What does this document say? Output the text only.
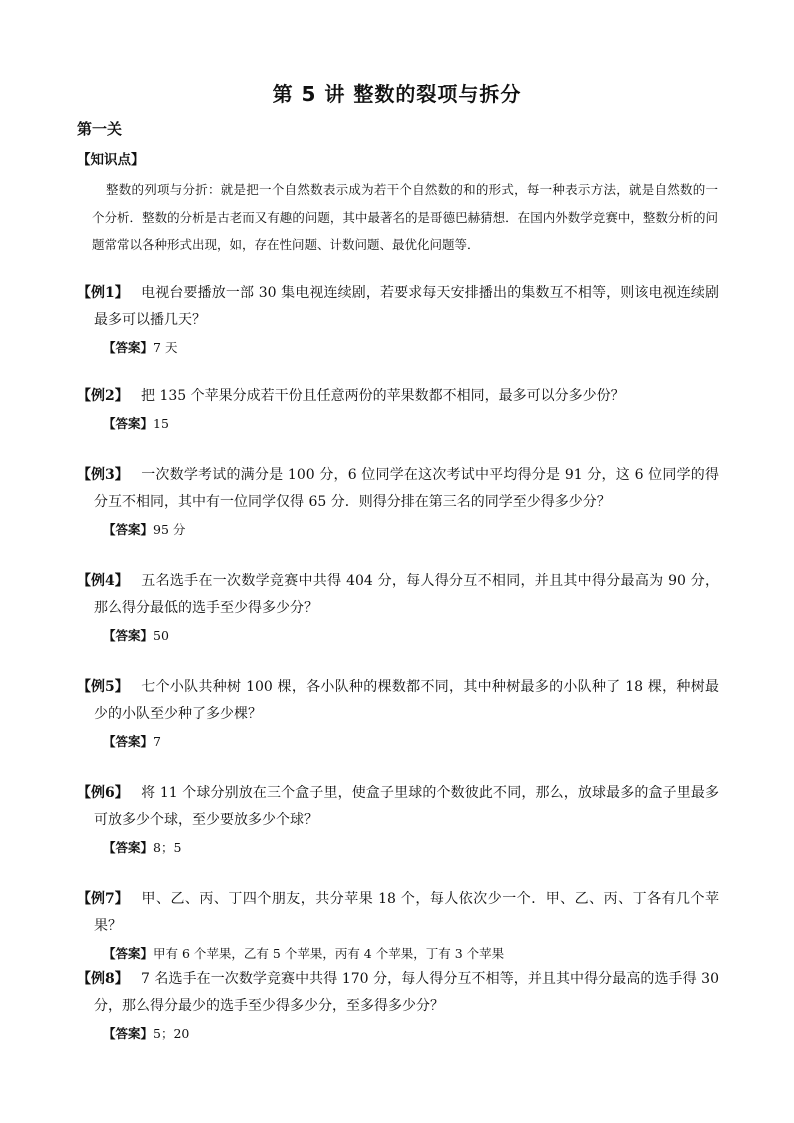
第 5 讲 整数的裂项与拆分
第一关
【知识点】

整数的列项与分折：就是把一个自然数表示成为若干个自然数的和的形式，每一种表示方法，就是自然数的一个分析．整数的分析是古老而又有趣的问题，其中最著名的是哥德巴赫猜想．在国内外数学竞赛中，整数分析的问题常常以各种形式出现，如，存在性问题、计数问题、最优化问题等．

【例1】 电视台要播放一部 30 集电视连续剧，若要求每天安排播出的集数互不相等，则该电视连续剧最多可以播几天？

【答案】7 天

【例2】 把 135 个苹果分成若干份且任意两份的苹果数都不相同，最多可以分多少份？

【答案】15

【例3】 一次数学考试的满分是 100 分，6 位同学在这次考试中平均得分是 91 分，这 6 位同学的得分互不相同，其中有一位同学仅得 65 分．则得分排在第三名的同学至少得多少分？

【答案】95 分

【例4】 五名选手在一次数学竞赛中共得 404 分，每人得分互不相同，并且其中得分最高为 90 分，那么得分最低的选手至少得多少分？

【答案】50

【例5】 七个小队共种树 100 棵，各小队种的棵数都不同，其中种树最多的小队种了 18 棵，种树最少的小队至少种了多少棵？

【答案】7

【例6】 将 11 个球分别放在三个盒子里，使盒子里球的个数彼此不同，那么，放球最多的盒子里最多可放多少个球，至少要放多少个球？

【答案】8；5

【例7】 甲、乙、丙、丁四个朋友，共分苹果 18 个，每人依次少一个．甲、乙、丙、丁各有几个苹果？

【答案】甲有 6 个苹果，乙有 5 个苹果，丙有 4 个苹果，丁有 3 个苹果

【例8】 7 名选手在一次数学竞赛中共得 170 分，每人得分互不相等，并且其中得分最高的选手得 30 分，那么得分最少的选手至少得多少分，至多得多少分？

【答案】5；20
